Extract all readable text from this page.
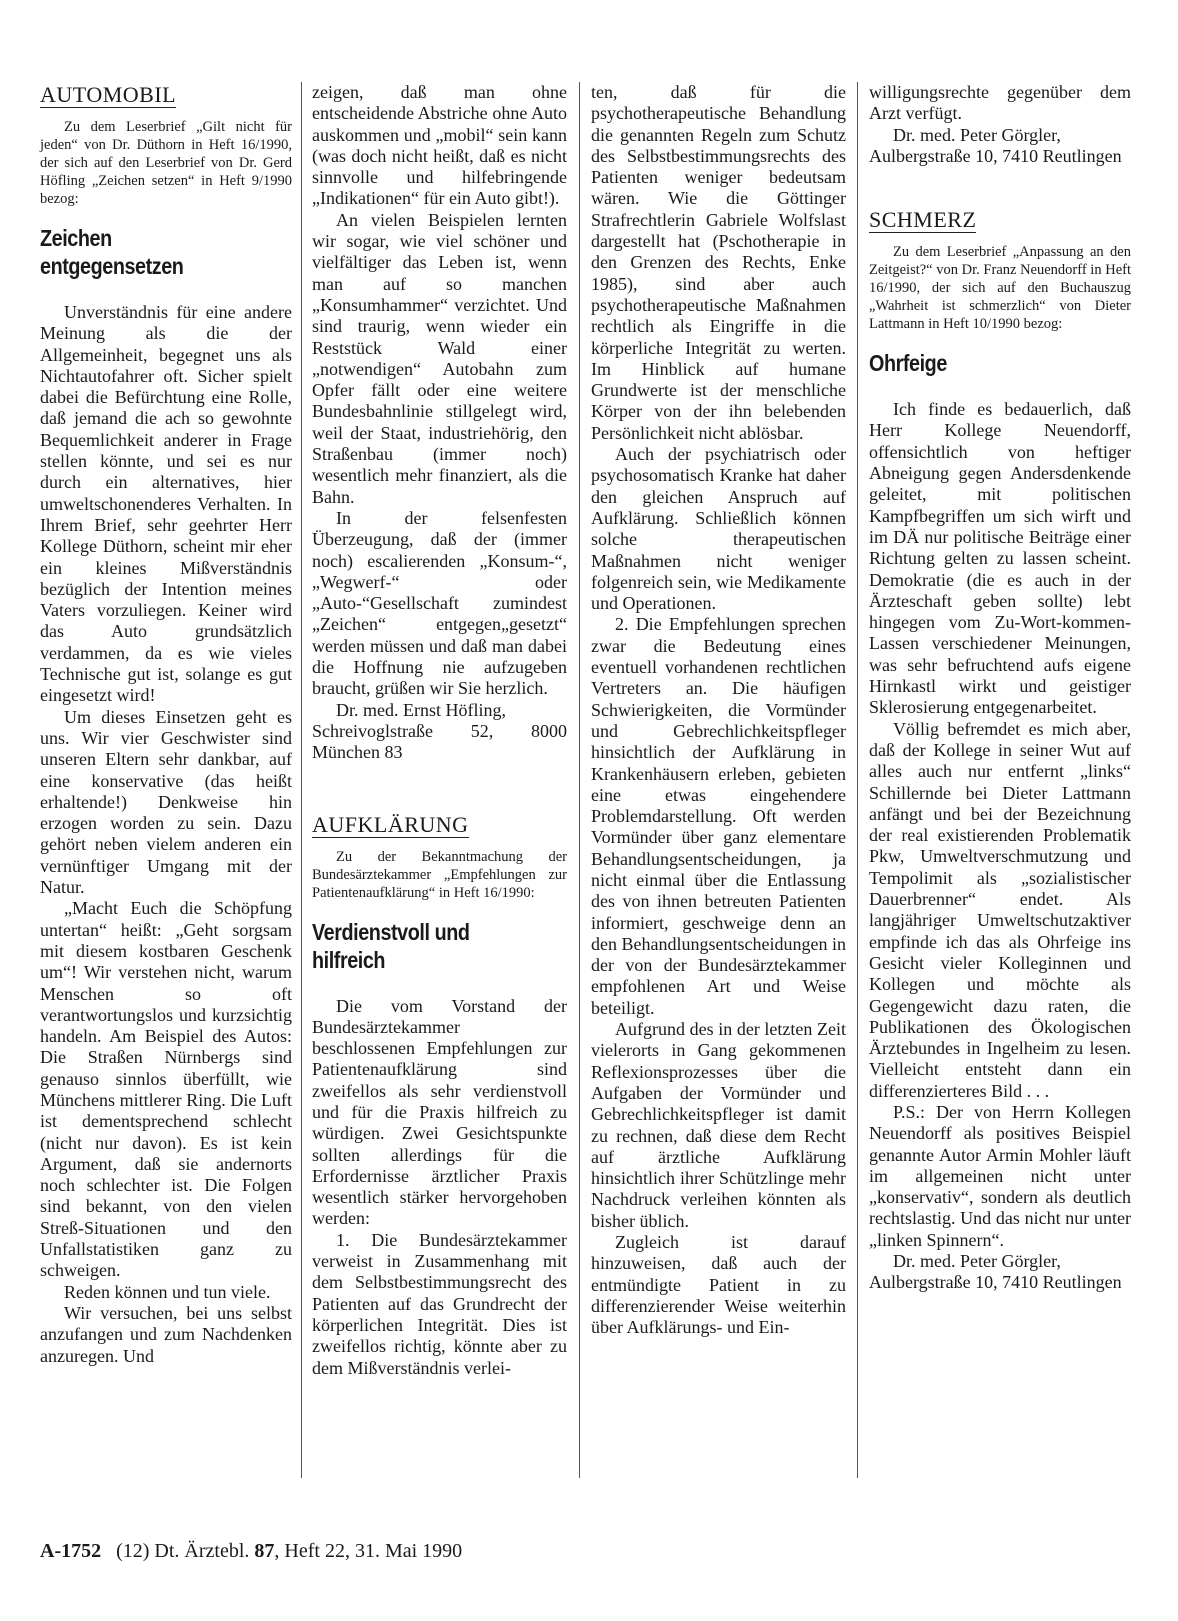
AUTOMOBIL

Zu dem Leserbrief „Gilt nicht für jeden“ von Dr. Düthorn in Heft 16/1990, der sich auf den Leserbrief von Dr. Gerd Höfling „Zeichen setzen“ in Heft 9/1990 bezog:

Zeichen entgegensetzen

Unverständnis für eine andere Meinung als die der Allgemeinheit, begegnet uns als Nichtautofahrer oft. Sicher spielt dabei die Befürchtung eine Rolle, daß jemand die ach so gewohnte Bequemlichkeit anderer in Frage stellen könnte, und sei es nur durch ein alternatives, hier umweltschonenderes Verhalten. In Ihrem Brief, sehr geehrter Herr Kollege Düthorn, scheint mir eher ein kleines Mißverständnis bezüglich der Intention meines Vaters vorzuliegen. Keiner wird das Auto grundsätzlich verdammen, da es wie vieles Technische gut ist, solange es gut eingesetzt wird!

Um dieses Einsetzen geht es uns. Wir vier Geschwister sind unseren Eltern sehr dankbar, auf eine konservative (das heißt erhaltende!) Denkweise hin erzogen worden zu sein. Dazu gehört neben vielem anderen ein vernünftiger Umgang mit der Natur.

„Macht Euch die Schöpfung untertan“ heißt: „Geht sorgsam mit diesem kostbaren Geschenk um“! Wir verstehen nicht, warum Menschen so oft verantwortungslos und kurzsichtig handeln. Am Beispiel des Autos: Die Straßen Nürnbergs sind genauso sinnlos überfüllt, wie Münchens mittlerer Ring. Die Luft ist dementsprechend schlecht (nicht nur davon). Es ist kein Argument, daß sie andernorts noch schlechter ist. Die Folgen sind bekannt, von den vielen Streß-Situationen und den Unfallstatistiken ganz zu schweigen.

Reden können und tun viele.

Wir versuchen, bei uns selbst anzufangen und zum Nachdenken anzuregen. Und

zeigen, daß man ohne entscheidende Abstriche ohne Auto auskommen und „mobil“ sein kann (was doch nicht heißt, daß es nicht sinnvolle und hilfebringende „Indikationen“ für ein Auto gibt!).

An vielen Beispielen lernten wir sogar, wie viel schöner und vielfältiger das Leben ist, wenn man auf so manchen „Konsumhammer“ verzichtet. Und sind traurig, wenn wieder ein Reststück Wald einer „notwendigen“ Autobahn zum Opfer fällt oder eine weitere Bundesbahnlinie stillgelegt wird, weil der Staat, industriehörig, den Straßenbau (immer noch) wesentlich mehr finanziert, als die Bahn.

In der felsenfesten Überzeugung, daß der (immer noch) escalierenden „Konsum-“, „Wegwerf-“ oder „Auto-“Gesellschaft zumindest „Zeichen“ entgegen„gesetzt“ werden müssen und daß man dabei die Hoffnung nie aufzugeben braucht, grüßen wir Sie herzlich.

Dr. med. Ernst Höfling,

Schreivoglstraße 52, 8000 München 83

AUFKLÄRUNG

Zu der Bekanntmachung der Bundesärztekammer „Empfehlungen zur Patientenaufklärung“ in Heft 16/1990:

Verdienstvoll und hilfreich

Die vom Vorstand der Bundesärztekammer beschlossenen Empfehlungen zur Patientenaufklärung sind zweifellos als sehr verdienstvoll und für die Praxis hilfreich zu würdigen. Zwei Gesichtspunkte sollten allerdings für die Erfordernisse ärztlicher Praxis wesentlich stärker hervorgehoben werden:

1. Die Bundesärztekammer verweist in Zusammenhang mit dem Selbstbestimmungsrecht des Patienten auf das Grundrecht der körperlichen Integrität. Dies ist zweifellos richtig, könnte aber zu dem Mißverständnis verlei-

ten, daß für die psychotherapeutische Behandlung die genannten Regeln zum Schutz des Selbstbestimmungsrechts des Patienten weniger bedeutsam wären. Wie die Göttinger Strafrechtlerin Gabriele Wolfslast dargestellt hat (Pschotherapie in den Grenzen des Rechts, Enke 1985), sind aber auch psychotherapeutische Maßnahmen rechtlich als Eingriffe in die körperliche Integrität zu werten. Im Hinblick auf humane Grundwerte ist der menschliche Körper von der ihn belebenden Persönlichkeit nicht ablösbar.

Auch der psychiatrisch oder psychosomatisch Kranke hat daher den gleichen Anspruch auf Aufklärung. Schließlich können solche therapeutischen Maßnahmen nicht weniger folgenreich sein, wie Medikamente und Operationen.

2. Die Empfehlungen sprechen zwar die Bedeutung eines eventuell vorhandenen rechtlichen Vertreters an. Die häufigen Schwierigkeiten, die Vormünder und Gebrechlichkeitspfleger hinsichtlich der Aufklärung in Krankenhäusern erleben, gebieten eine etwas eingehendere Problemdarstellung. Oft werden Vormünder über ganz elementare Behandlungsentscheidungen, ja nicht einmal über die Entlassung des von ihnen betreuten Patienten informiert, geschweige denn an den Behandlungsentscheidungen in der von der Bundesärztekammer empfohlenen Art und Weise beteiligt.

Aufgrund des in der letzten Zeit vielerorts in Gang gekommenen Reflexionsprozesses über die Aufgaben der Vormünder und Gebrechlichkeitspfleger ist damit zu rechnen, daß diese dem Recht auf ärztliche Aufklärung hinsichtlich ihrer Schützlinge mehr Nachdruck verleihen könnten als bisher üblich.

Zugleich ist darauf hinzuweisen, daß auch der entmündigte Patient in zu differenzierender Weise weiterhin über Aufklärungs- und Ein-

willigungsrechte gegenüber dem Arzt verfügt.

Dr. med. Peter Görgler, Aulbergstraße 10, 7410 Reutlingen

SCHMERZ

Zu dem Leserbrief „Anpassung an den Zeitgeist?“ von Dr. Franz Neuendorff in Heft 16/1990, der sich auf den Buchauszug „Wahrheit ist schmerzlich“ von Dieter Lattmann in Heft 10/1990 bezog:

Ohrfeige

Ich finde es bedauerlich, daß Herr Kollege Neuendorff, offensichtlich von heftiger Abneigung gegen Andersdenkende geleitet, mit politischen Kampfbegriffen um sich wirft und im DÄ nur politische Beiträge einer Richtung gelten zu lassen scheint. Demokratie (die es auch in der Ärzteschaft geben sollte) lebt hingegen vom Zu-Wort-kommen-Lassen verschiedener Meinungen, was sehr befruchtend aufs eigene Hirnkastl wirkt und geistiger Sklerosierung entgegenarbeitet.

Völlig befremdet es mich aber, daß der Kollege in seiner Wut auf alles auch nur entfernt „links“ Schillernde bei Dieter Lattmann anfängt und bei der Bezeichnung der real existierenden Problematik Pkw, Umweltverschmutzung und Tempolimit als „sozialistischer Dauerbrenner“ endet. Als langjähriger Umweltschutzaktiver empfinde ich das als Ohrfeige ins Gesicht vieler Kolleginnen und Kollegen und möchte als Gegengewicht dazu raten, die Publikationen des Ökologischen Ärztebundes in Ingelheim zu lesen. Vielleicht entsteht dann ein differenzierteres Bild . . .

P.S.: Der von Herrn Kollegen Neuendorff als positives Beispiel genannte Autor Armin Mohler läuft im allgemeinen nicht unter „konservativ“, sondern als deutlich rechtslastig. Und das nicht nur unter „linken Spinnern“.

Dr. med. Peter Görgler, Aulbergstraße 10, 7410 Reutlingen

A-1752 (12) Dt. Ärztebl. 87, Heft 22, 31. Mai 1990
